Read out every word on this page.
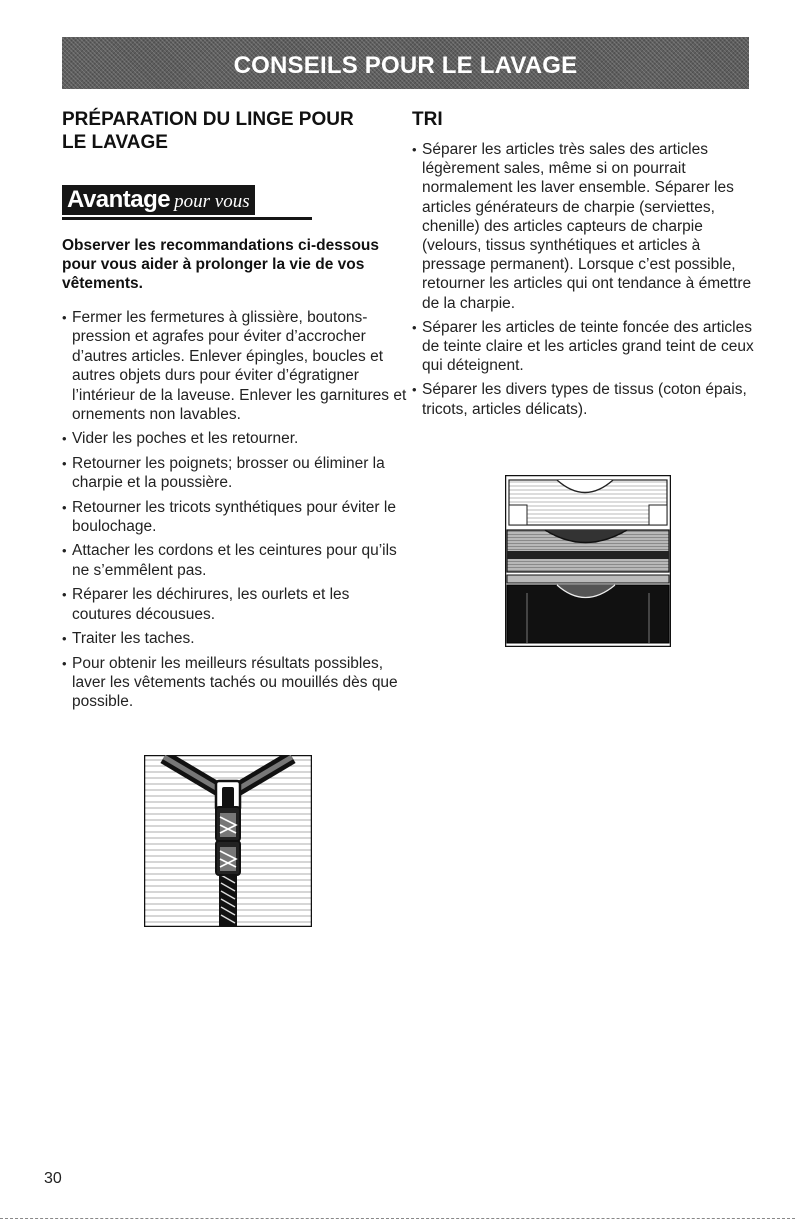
CONSEILS POUR LE LAVAGE
PRÉPARATION DU LINGE POUR
LE LAVAGE
Avantage pour vous

Observer les recommandations ci-dessous pour vous aider à prolonger la vie de vos vêtements.

• Fermer les fermetures à glissière, boutons-pression et agrafes pour éviter d’accrocher d’autres articles. Enlever épingles, boucles et autres objets durs pour éviter d’égratigner l’intérieur de la laveuse. Enlever les garnitures et ornements non lavables.
• Vider les poches et les retourner.
• Retourner les poignets; brosser ou éliminer la charpie et la poussière.
• Retourner les tricots synthétiques pour éviter le boulochage.
• Attacher les cordons et les ceintures pour qu’ils ne s’emmêlent pas.
• Réparer les déchirures, les ourlets et les coutures décousues.
• Traiter les taches.
• Pour obtenir les meilleurs résultats possibles, laver les vêtements tachés ou mouillés dès que possible.
TRI
• Séparer les articles très sales des articles légèrement sales, même si on pourrait normalement les laver ensemble. Séparer les articles générateurs de charpie (serviettes, chenille) des articles capteurs de charpie (velours, tissus synthétiques et articles à pressage permanent). Lorsque c’est possible, retourner les articles qui ont tendance à émettre de la charpie.
• Séparer les articles de teinte foncée des articles de teinte claire et les articles grand teint de ceux qui déteignent.
• Séparer les divers types de tissus (coton épais, tricots, articles délicats).
30
